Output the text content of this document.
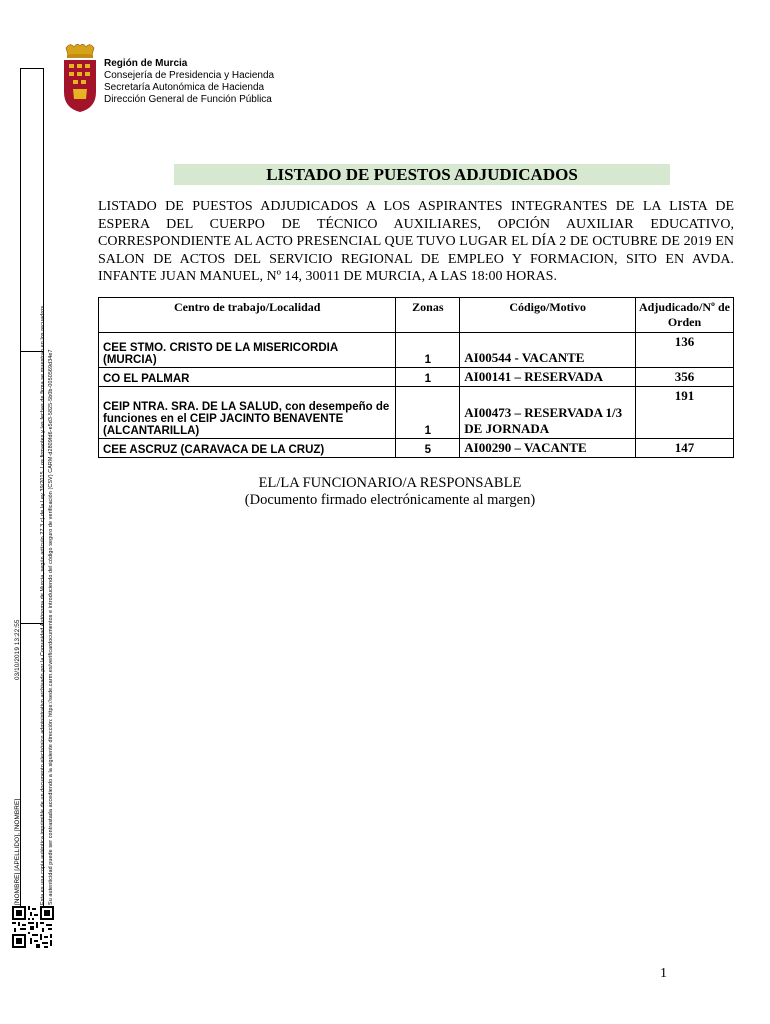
[NOMBRE] [APELLIDO], [NOMBRE]
03/10/2019 13:22:55	Esta es una copia auténtica imprimible de un documento electrónico administrativo archivado por la Comunidad Autónoma de Murcia, según artículo 27.3.c) de la Ley 39/2015. Los firmantes y las fechas de firma se muestran en los recuadros. Su autenticidad puede ser contrastada accediendo a la siguiente dirección: https://sede.carm.es/verificardocumentos e introduciendo del código seguro de verificación (CSV) CARM-d2809fd6-e5d3-5825-5b0b-0050569d34e7
Región de Murcia
Consejería de Presidencia y Hacienda
Secretaría Autonómica de Hacienda
Dirección General de Función Pública
LISTADO DE PUESTOS ADJUDICADOS
LISTADO DE PUESTOS ADJUDICADOS A LOS ASPIRANTES INTEGRANTES DE LA LISTA DE ESPERA DEL CUERPO DE TÉCNICO AUXILIARES, OPCIÓN AUXILIAR EDUCATIVO, CORRESPONDIENTE AL ACTO PRESENCIAL QUE TUVO LUGAR EL DÍA 2 DE OCTUBRE DE 2019 EN SALON DE ACTOS DEL SERVICIO REGIONAL DE EMPLEO Y FORMACION, SITO EN AVDA. INFANTE JUAN MANUEL, Nº 14, 30011 DE MURCIA, A LAS 18:00 HORAS.
Centro de trabajo/Localidad	Zonas	Código/Motivo	Adjudicado/Nº de Orden
CEE STMO. CRISTO DE LA MISERICORDIA (MURCIA)	1	AI00544 - VACANTE	136
CO EL PALMAR	1	AI00141 – RESERVADA	356
CEIP NTRA. SRA. DE LA SALUD, con desempeño de funciones en el CEIP JACINTO BENAVENTE (ALCANTARILLA)	1	AI00473 – RESERVADA 1/3 DE JORNADA	191
CEE ASCRUZ (CARAVACA DE LA CRUZ)	5	AI00290 – VACANTE	147
EL/LA FUNCIONARIO/A RESPONSABLE
(Documento firmado electrónicamente al margen)
1
